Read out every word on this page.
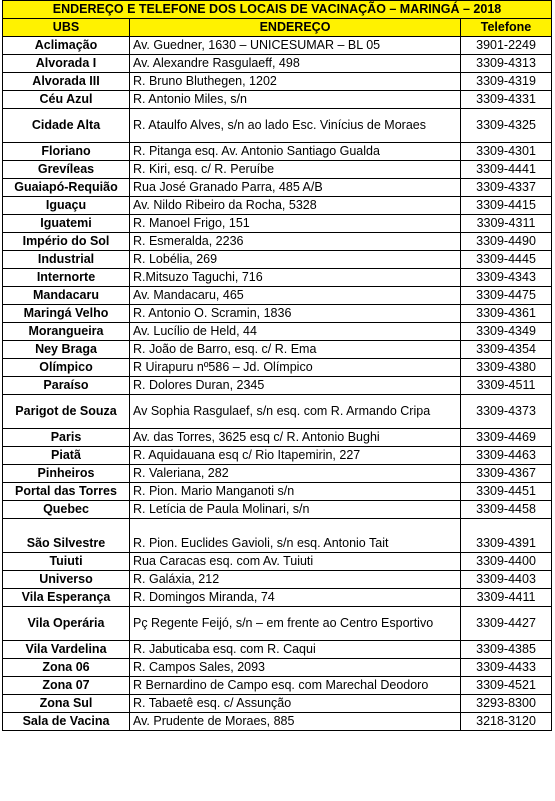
ENDEREÇO E TELEFONE DOS LOCAIS DE VACINAÇÃO – MARINGÁ – 2018		
UBS	ENDEREÇO	Telefone
Aclimação	Av. Guedner, 1630 – UNICESUMAR – BL 05	3901-2249
Alvorada I	Av. Alexandre Rasgulaeff, 498	3309-4313
Alvorada III	R. Bruno Bluthegen, 1202	3309-4319
Céu Azul	R. Antonio Miles, s/n	3309-4331
Cidade Alta	R. Ataulfo Alves, s/n ao lado Esc. Vinícius de Moraes	3309-4325
Floriano	R. Pitanga esq. Av. Antonio Santiago Gualda	3309-4301
Grevíleas	R. Kiri, esq. c/ R. Peruíbe	3309-4441
Guaiapó-Requião	Rua José Granado Parra, 485 A/B	3309-4337
Iguaçu	Av. Nildo Ribeiro da Rocha, 5328	3309-4415
Iguatemi	R. Manoel Frigo, 151	3309-4311
Império do Sol	R. Esmeralda, 2236	3309-4490
Industrial	R. Lobélia, 269	3309-4445
Internorte	R.Mitsuzo Taguchi, 716	3309-4343
Mandacaru	Av. Mandacaru, 465	3309-4475
Maringá Velho	R. Antonio O. Scramin, 1836	3309-4361
Morangueira	Av. Lucílio de Held, 44	3309-4349
Ney Braga	R. João de Barro, esq. c/ R. Ema	3309-4354
Olímpico	R Uirapuru nº586 – Jd. Olímpico	3309-4380
Paraíso	R. Dolores Duran, 2345	3309-4511
Parigot de Souza	Av Sophia Rasgulaef, s/n esq. com R. Armando Cripa	3309-4373
Paris	Av. das Torres, 3625 esq c/ R. Antonio Bughi	3309-4469
Piatã	R. Aquidauana esq c/ Rio Itapemirin, 227	3309-4463
Pinheiros	R. Valeriana, 282	3309-4367
Portal das Torres	R. Pion. Mario Manganoti s/n	3309-4451
Quebec	R. Letícia de Paula Molinari, s/n	3309-4458
São Silvestre	R. Pion. Euclides Gavioli, s/n esq. Antonio Tait	3309-4391
Tuiuti	Rua Caracas esq. com Av. Tuiuti	3309-4400
Universo	R. Galáxia, 212	3309-4403
Vila Esperança	R. Domingos Miranda, 74	3309-4411
Vila Operária	Pç Regente Feijó, s/n – em frente ao Centro Esportivo	3309-4427
Vila Vardelina	R. Jabuticaba esq. com R. Caqui	3309-4385
Zona 06	R. Campos Sales, 2093	3309-4433
Zona 07	R Bernardino de Campo esq. com Marechal Deodoro	3309-4521
Zona Sul	R. Tabaetê esq. c/ Assunção	3293-8300
Sala de Vacina	Av. Prudente de Moraes, 885	3218-3120
